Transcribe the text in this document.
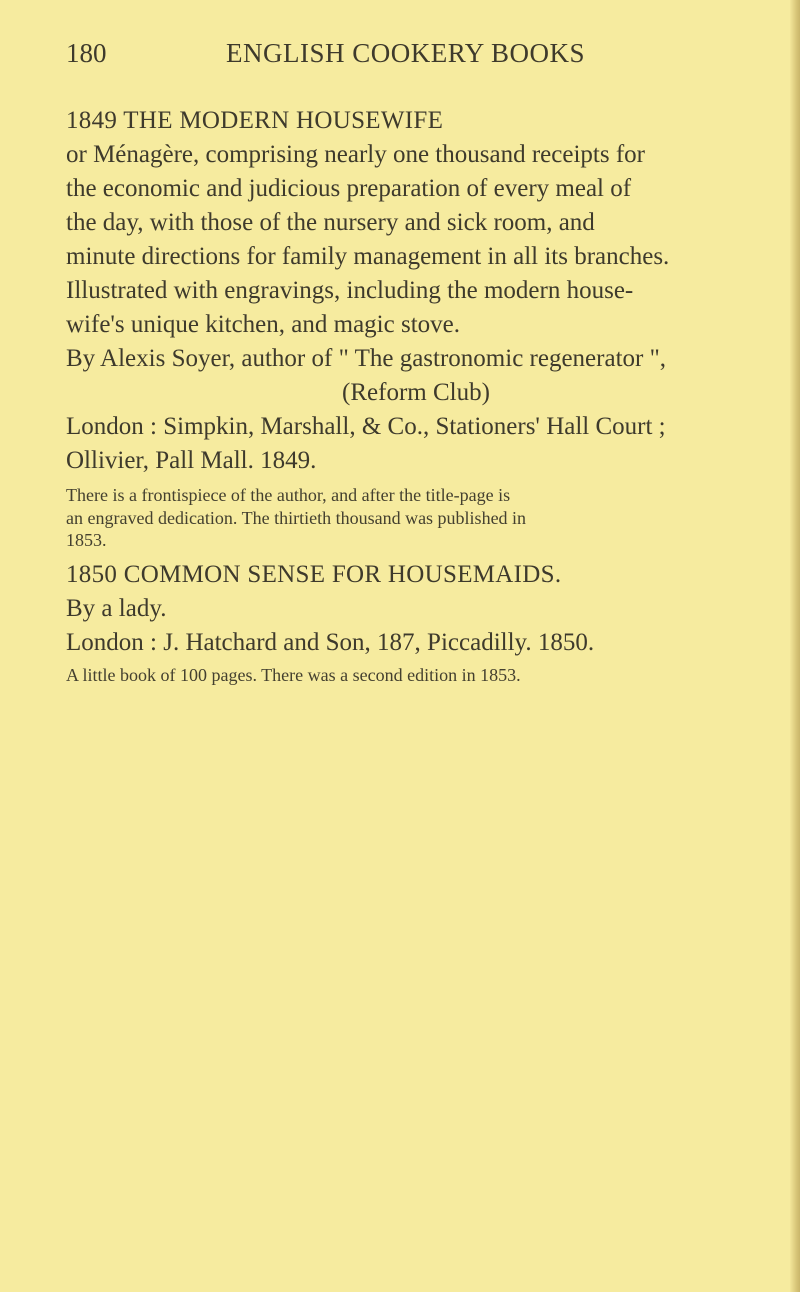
180	ENGLISH COOKERY BOOKS
1849 THE MODERN HOUSEWIFE
or Ménagère, comprising nearly one thousand receipts for
the economic and judicious preparation of every meal of
the day, with those of the nursery and sick room, and
minute directions for family management in all its branches.
Illustrated with engravings, including the modern house-
wife's unique kitchen, and magic stove.
By Alexis Soyer, author of " The gastronomic regenerator ",
(Reform Club)
London : Simpkin, Marshall, & Co., Stationers' Hall Court ;
Ollivier, Pall Mall. 1849.
There is a frontispiece of the author, and after the title-page is
an engraved dedication. The thirtieth thousand was published in
1853.
1850 COMMON SENSE FOR HOUSEMAIDS.
By a lady.
London : J. Hatchard and Son, 187, Piccadilly. 1850.
A little book of 100 pages. There was a second edition in 1853.
